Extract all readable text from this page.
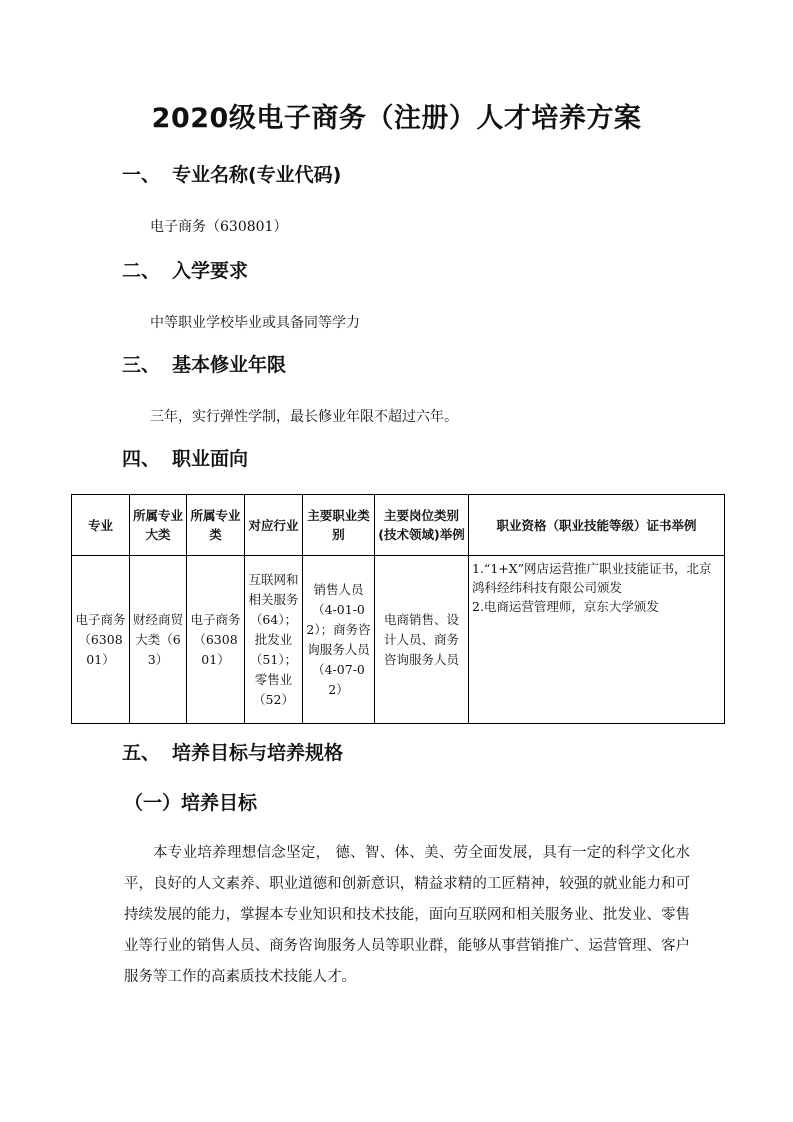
2020级电子商务（注册）人才培养方案
一、 专业名称(专业代码)
电子商务（630801）
二、 入学要求
中等职业学校毕业或具备同等学力
三、 基本修业年限
三年，实行弹性学制，最长修业年限不超过六年。
四、 职业面向
专业	所属专业大类	所属专业类	对应行业	主要职业类别	主要岗位类别(技术领域)举例	职业资格（职业技能等级）证书举例
电子商务（630801）	财经商贸大类（63）	电子商务（630801）	互联网和相关服务（64）；批发业（51）；零售业（52）	销售人员（4-01-02）；商务咨询服务人员（4-07-02）	电商销售、设计人员、商务咨询服务人员	1.“1+X”网店运营推广职业技能证书，北京鸿科经纬科技有限公司颁发
2.电商运营管理师，京东大学颁发
五、 培养目标与培养规格
（一）培养目标
本专业培养理想信念坚定， 德、智、体、美、劳全面发展，具有一定的科学文化水平，良好的人文素养、职业道德和创新意识，精益求精的工匠精神，较强的就业能力和可持续发展的能力，掌握本专业知识和技术技能，面向互联网和相关服务业、批发业、零售业等行业的销售人员、商务咨询服务人员等职业群，能够从事营销推广、运营管理、客户服务等工作的高素质技术技能人才。
